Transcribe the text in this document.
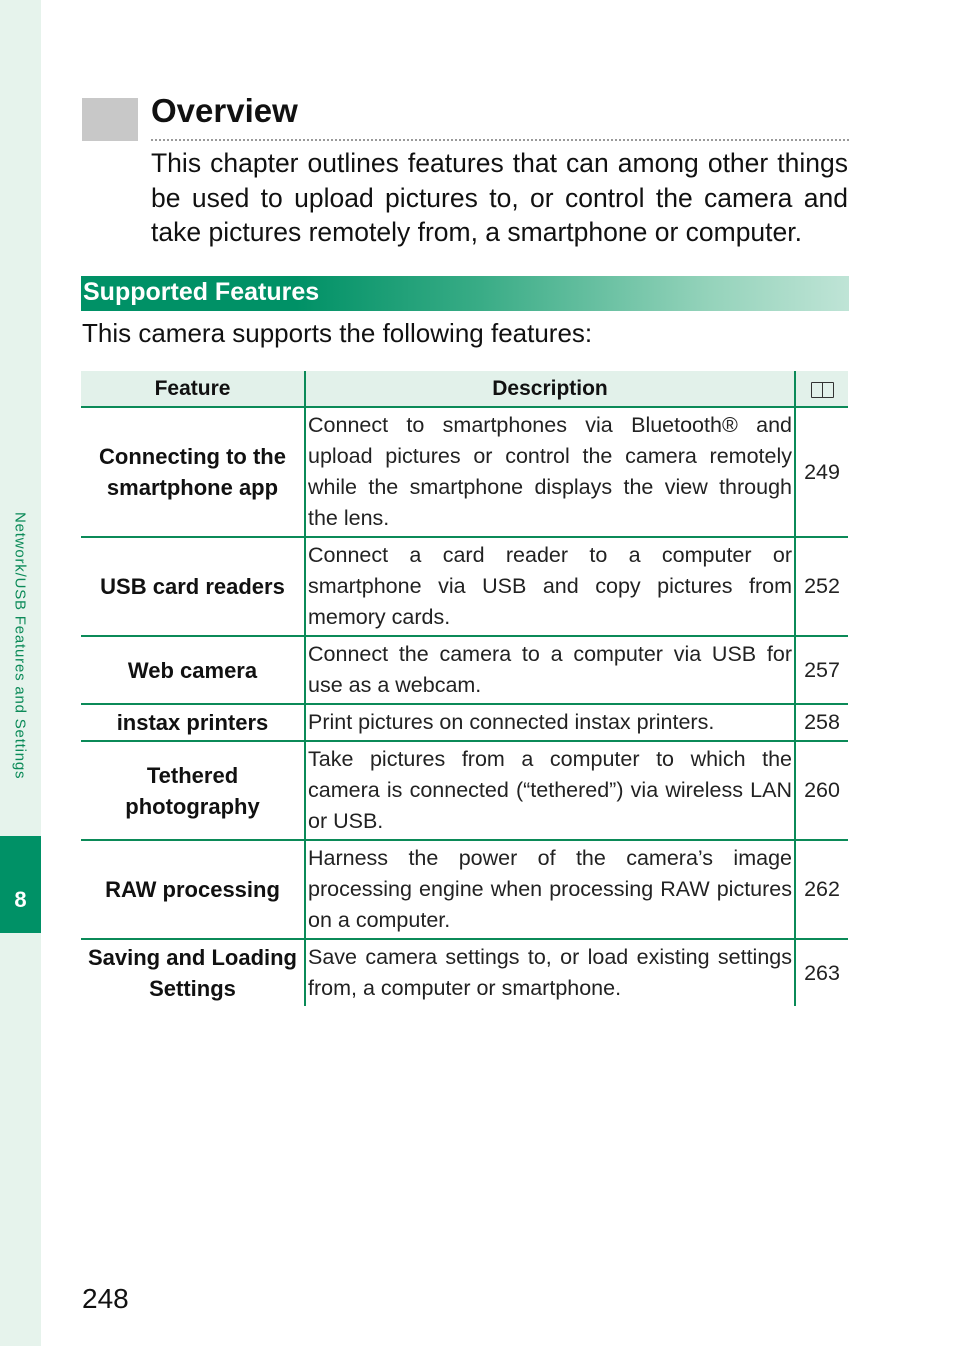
Network/USB Features and Settings
8
Overview

This chapter outlines features that can among other things be used to upload pictures to, or control the camera and take pictures remotely from, a smartphone or computer.

Supported Features

This camera supports the following features:

Feature	Description	
Connecting to the smartphone app	Connect to smartphones via Bluetooth® and upload pictures or control the camera remotely while the smartphone displays the view through the lens.	249
USB card readers	Connect a card reader to a computer or smartphone via USB and copy pictures from memory cards.	252
Web camera	Connect the camera to a computer via USB for use as a webcam.	257
instax printers	Print pictures on connected instax printers.	258
Tethered photography	Take pictures from a computer to which the camera is connected (“tethered”) via wireless LAN or USB.	260
RAW processing	Harness the power of the camera’s image processing engine when processing RAW pictures on a computer.	262
Saving and Loading Settings	Save camera settings to, or load existing settings from, a computer or smartphone.	263
248
